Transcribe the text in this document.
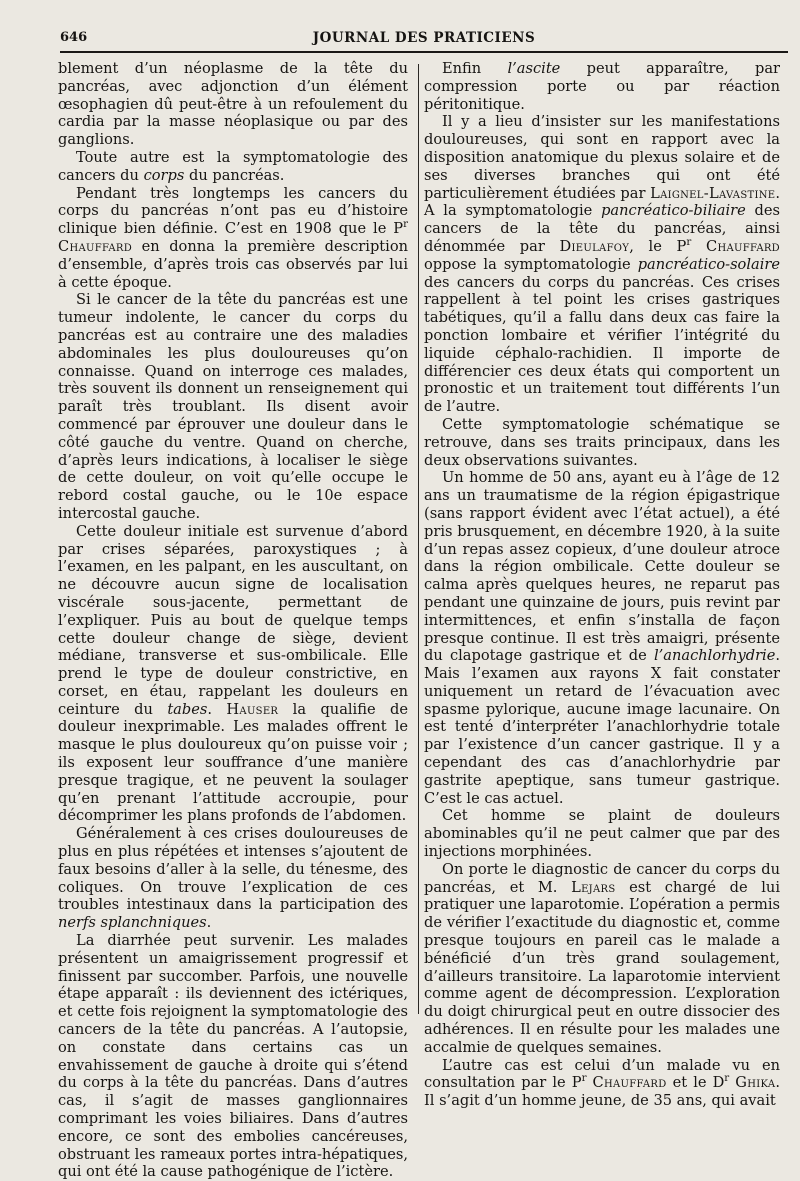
646	JOURNAL DES PRATICIENS

blement d’un néoplasme de la tête du pancréas, avec adjonction d’un élément œsophagien dû peut-être à un refoulement du cardia par la masse néoplasique ou par des ganglions.

Toute autre est la symptomatologie des cancers du corps du pancréas.

Pendant très longtemps les cancers du corps du pancréas n’ont pas eu d’histoire clinique bien définie. C’est en 1908 que le $P^r$ Chauffard en donna la première description d’ensemble, d’après trois cas observés par lui à cette époque.

Si le cancer de la tête du pancréas est une tumeur indolente, le cancer du corps du pancréas est au contraire une des maladies abdominales les plus douloureuses qu’on connaisse. Quand on interroge ces malades, très souvent ils donnent un renseignement qui paraît très troublant. Ils disent avoir commencé par éprouver une douleur dans le côté gauche du ventre. Quand on cherche, d’après leurs indications, à localiser le siège de cette douleur, on voit qu’elle occupe le rebord costal gauche, ou le 10e espace intercostal gauche.

Cette douleur initiale est survenue d’abord par crises séparées, paroxystiques ; à l’examen, en les palpant, en les auscultant, on ne découvre aucun signe de localisation viscérale sous-jacente, permettant de l’expliquer. Puis au bout de quelque temps cette douleur change de siège, devient médiane, transverse et sus-ombilicale. Elle prend le type de douleur constrictive, en corset, en étau, rappelant les douleurs en ceinture du tabes. Hauser la qualifie de douleur inexprimable. Les malades offrent le masque le plus douloureux qu’on puisse voir ; ils exposent leur souffrance d’une manière presque tragique, et ne peuvent la soulager qu’en prenant l’attitude accroupie, pour décomprimer les plans profonds de l’abdomen.

Généralement à ces crises douloureuses de plus en plus répétées et intenses s’ajoutent de faux besoins d’aller à la selle, du ténesme, des coliques. On trouve l’explication de ces troubles intestinaux dans la participation des nerfs splanchniques.

La diarrhée peut survenir. Les malades présentent un amaigrissement progressif et finissent par succomber. Parfois, une nouvelle étape apparaît : ils deviennent des ictériques, et cette fois rejoignent la symptomatologie des cancers de la tête du pancréas. A l’autopsie, on constate dans certains cas un envahissement de gauche à droite qui s’étend du corps à la tête du pancréas. Dans d’autres cas, il s’agit de masses ganglionnaires comprimant les voies biliaires. Dans d’autres encore, ce sont des embolies cancéreuses, obstruant les rameaux portes intra-hépatiques, qui ont été la cause pathogénique de l’ictère.

Enfin l’ascite peut apparaître, par compression porte ou par réaction péritonitique.

Il y a lieu d’insister sur les manifestations douloureuses, qui sont en rapport avec la disposition anatomique du plexus solaire et de ses diverses branches qui ont été particulièrement étudiées par Laignel-Lavastine. A la symptomatologie pancréatico-biliaire des cancers de la tête du pancréas, ainsi dénommée par Dieulafoy, le $P^r$ Chauffard oppose la symptomatologie pancréatico-solaire des cancers du corps du pancréas. Ces crises rappellent à tel point les crises gastriques tabétiques, qu’il a fallu dans deux cas faire la ponction lombaire et vérifier l’intégrité du liquide céphalo-rachidien. Il importe de différencier ces deux états qui comportent un pronostic et un traitement tout différents l’un de l’autre.

Cette symptomatologie schématique se retrouve, dans ses traits principaux, dans les deux observations suivantes.

Un homme de 50 ans, ayant eu à l’âge de 12 ans un traumatisme de la région épigastrique (sans rapport évident avec l’état actuel), a été pris brusquement, en décembre 1920, à la suite d’un repas assez copieux, d’une douleur atroce dans la région ombilicale. Cette douleur se calma après quelques heures, ne reparut pas pendant une quinzaine de jours, puis revint par intermittences, et enfin s’installa de façon presque continue. Il est très amaigri, présente du clapotage gastrique et de l’anachlorhydrie. Mais l’examen aux rayons X fait constater uniquement un retard de l’évacuation avec spasme pylorique, aucune image lacunaire. On est tenté d’interpréter l’anachlorhydrie totale par l’existence d’un cancer gastrique. Il y a cependant des cas d’anachlorhydrie par gastrite apeptique, sans tumeur gastrique. C’est le cas actuel.

Cet homme se plaint de douleurs abominables qu’il ne peut calmer que par des injections morphinées.

On porte le diagnostic de cancer du corps du pancréas, et M. Lejars est chargé de lui pratiquer une laparotomie. L’opération a permis de vérifier l’exactitude du diagnostic et, comme presque toujours en pareil cas le malade a bénéficié d’un très grand soulagement, d’ailleurs transitoire. La laparotomie intervient comme agent de décompression. L’exploration du doigt chirurgical peut en outre dissocier des adhérences. Il en résulte pour les malades une accalmie de quelques semaines.

L’autre cas est celui d’un malade vu en consultation par le $P^r$ Chauffard et le $D^r$ Ghika. Il s’agit d’un homme jeune, de 35 ans, qui avait
